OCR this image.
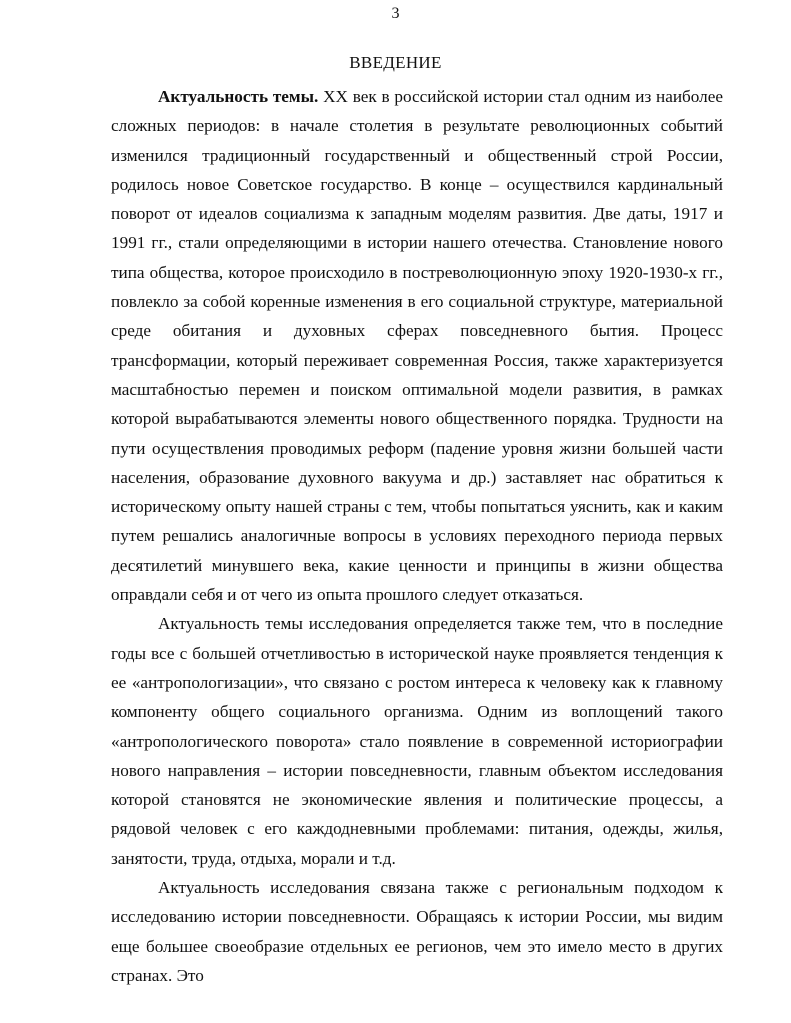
3
ВВЕДЕНИЕ

Актуальность темы. XX век в российской истории стал одним из наиболее сложных периодов: в начале столетия в результате революционных событий изменился традиционный государственный и общественный строй России, родилось новое Советское государство. В конце – осуществился кардинальный поворот от идеалов социализма к западным моделям развития. Две даты, 1917 и 1991 гг., стали определяющими в истории нашего отечества. Становление нового типа общества, которое происходило в постреволюционную эпоху 1920-1930-х гг., повлекло за собой коренные изменения в его социальной структуре, материальной среде обитания и духовных сферах повседневного бытия. Процесс трансформации, который переживает современная Россия, также характеризуется масштабностью перемен и поиском оптимальной модели развития, в рамках которой вырабатываются элементы нового общественного порядка. Трудности на пути осуществления проводимых реформ (падение уровня жизни большей части населения, образование духовного вакуума и др.) заставляет нас обратиться к историческому опыту нашей страны с тем, чтобы попытаться уяснить, как и каким путем решались аналогичные вопросы в условиях переходного периода первых десятилетий минувшего века, какие ценности и принципы в жизни общества оправдали себя и от чего из опыта прошлого следует отказаться.

Актуальность темы исследования определяется также тем, что в последние годы все с большей отчетливостью в исторической науке проявляется тенденция к ее «антропологизации», что связано с ростом интереса к человеку как к главному компоненту общего социального организма. Одним из воплощений такого «антропологического поворота» стало появление в современной историографии нового направления – истории повседневности, главным объектом исследования которой становятся не экономические явления и политические процессы, а рядовой человек с его каждодневными проблемами: питания, одежды, жилья, занятости, труда, отдыха, морали и т.д.

Актуальность исследования связана также с региональным подходом к исследованию истории повседневности. Обращаясь к истории России, мы видим еще большее своеобразие отдельных ее регионов, чем это имело место в других странах. Это
